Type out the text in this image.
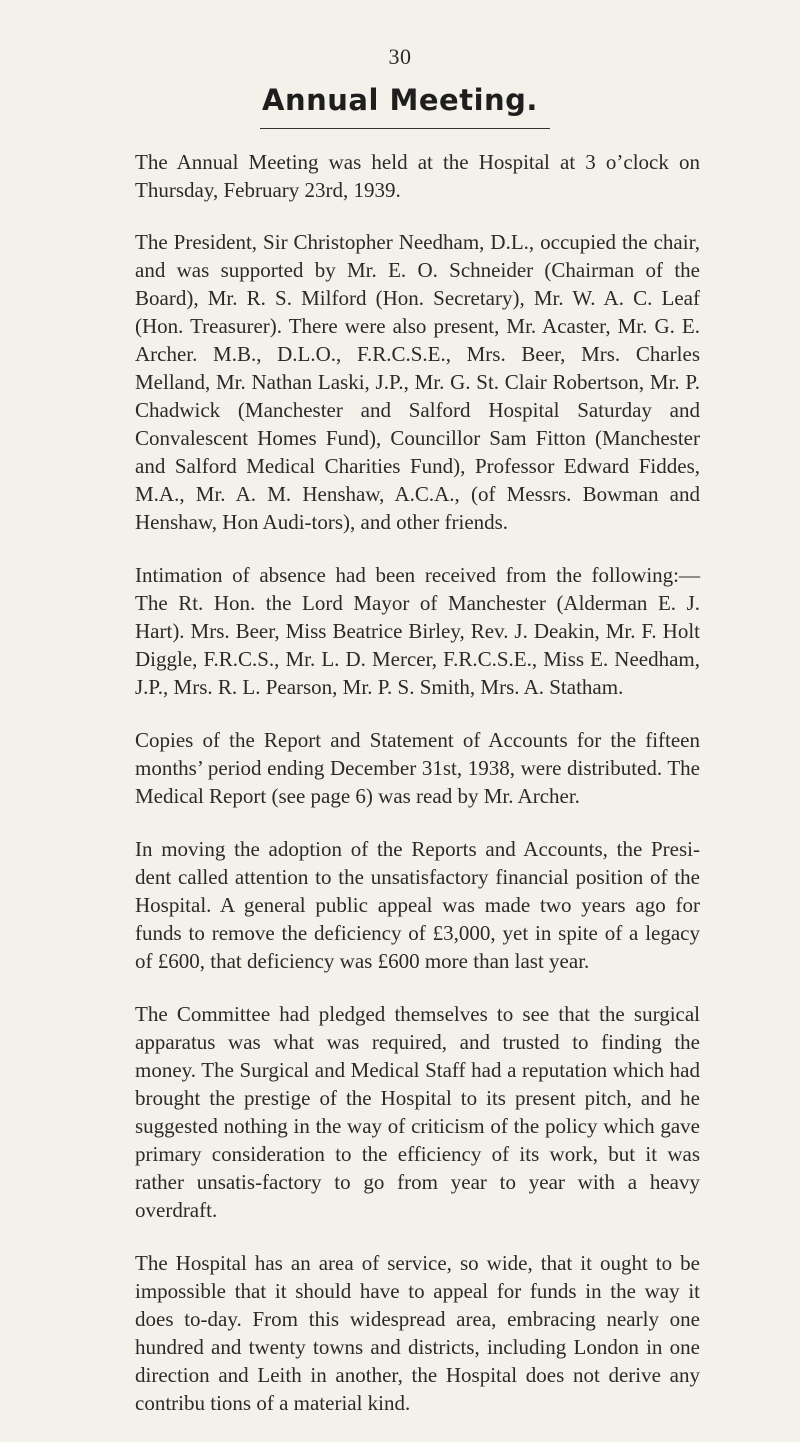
30
Annual Meeting.

The Annual Meeting was held at the Hospital at 3 o’clock on Thursday, February 23rd, 1939.

The President, Sir Christopher Needham, D.L., occupied the chair, and was supported by Mr. E. O. Schneider (Chairman of the Board), Mr. R. S. Milford (Hon. Secretary), Mr. W. A. C. Leaf (Hon. Treasurer). There were also present, Mr. Acaster, Mr. G. E. Archer. M.B., D.L.O., F.R.C.S.E., Mrs. Beer, Mrs. Charles Melland, Mr. Nathan Laski, J.P., Mr. G. St. Clair Robertson, Mr. P. Chadwick (Manchester and Salford Hospital Saturday and Convalescent Homes Fund), Councillor Sam Fitton (Manchester and Salford Medical Charities Fund), Professor Edward Fiddes, M.A., Mr. A. M. Henshaw, A.C.A., (of Messrs. Bowman and Henshaw, Hon Audi-tors), and other friends.

Intimation of absence had been received from the following:— The Rt. Hon. the Lord Mayor of Manchester (Alderman E. J. Hart). Mrs. Beer, Miss Beatrice Birley, Rev. J. Deakin, Mr. F. Holt Diggle, F.R.C.S., Mr. L. D. Mercer, F.R.C.S.E., Miss E. Needham, J.P., Mrs. R. L. Pearson, Mr. P. S. Smith, Mrs. A. Statham.

Copies of the Report and Statement of Accounts for the fifteen months’ period ending December 31st, 1938, were distributed. The Medical Report (see page 6) was read by Mr. Archer.

In moving the adoption of the Reports and Accounts, the Presi-dent called attention to the unsatisfactory financial position of the Hospital. A general public appeal was made two years ago for funds to remove the deficiency of £3,000, yet in spite of a legacy of £600, that deficiency was £600 more than last year.

The Committee had pledged themselves to see that the surgical apparatus was what was required, and trusted to finding the money. The Surgical and Medical Staff had a reputation which had brought the prestige of the Hospital to its present pitch, and he suggested nothing in the way of criticism of the policy which gave primary consideration to the efficiency of its work, but it was rather unsatis-factory to go from year to year with a heavy overdraft.

The Hospital has an area of service, so wide, that it ought to be impossible that it should have to appeal for funds in the way it does to-day. From this widespread area, embracing nearly one hundred and twenty towns and districts, including London in one direction and Leith in another, the Hospital does not derive any contribu tions of a material kind.
